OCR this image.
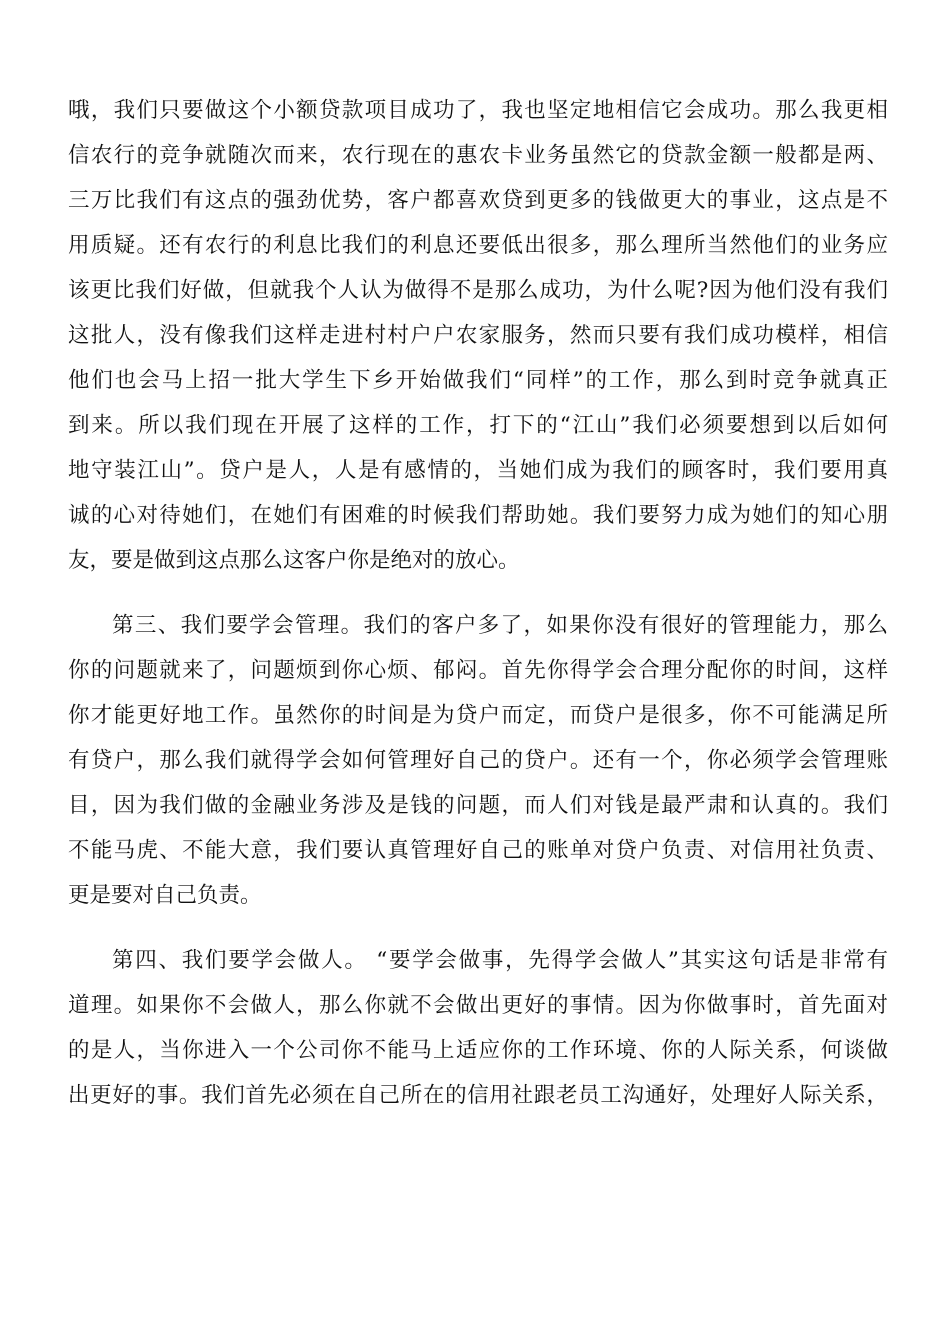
哦，我们只要做这个小额贷款项目成功了，我也坚定地相信它会成功。那么我更相
信农行的竞争就随次而来，农行现在的惠农卡业务虽然它的贷款金额一般都是两、
三万比我们有这点的强劲优势，客户都喜欢贷到更多的钱做更大的事业，这点是不
用质疑。还有农行的利息比我们的利息还要低出很多，那么理所当然他们的业务应
该更比我们好做，但就我个人认为做得不是那么成功，为什么呢?因为他们没有我们
这批人，没有像我们这样走进村村户户农家服务，然而只要有我们成功模样，相信
他们也会马上招一批大学生下乡开始做我们“同样”的工作，那么到时竞争就真正
到来。所以我们现在开展了这样的工作，打下的“江山”我们必须要想到以后如何
地守装江山”。贷户是人，人是有感情的，当她们成为我们的顾客时，我们要用真
诚的心对待她们，在她们有困难的时候我们帮助她。我们要努力成为她们的知心朋
友，要是做到这点那么这客户你是绝对的放心。
第三、我们要学会管理。我们的客户多了，如果你没有很好的管理能力，那么
你的问题就来了，问题烦到你心烦、郁闷。首先你得学会合理分配你的时间，这样
你才能更好地工作。虽然你的时间是为贷户而定，而贷户是很多，你不可能满足所
有贷户，那么我们就得学会如何管理好自己的贷户。还有一个，你必须学会管理账
目，因为我们做的金融业务涉及是钱的问题，而人们对钱是最严肃和认真的。我们
不能马虎、不能大意，我们要认真管理好自己的账单对贷户负责、对信用社负责、
更是要对自己负责。
第四、我们要学会做人。 “要学会做事，先得学会做人”其实这句话是非常有
道理。如果你不会做人，那么你就不会做出更好的事情。因为你做事时，首先面对
的是人，当你进入一个公司你不能马上适应你的工作环境、你的人际关系，何谈做
出更好的事。我们首先必须在自己所在的信用社跟老员工沟通好，处理好人际关系，
